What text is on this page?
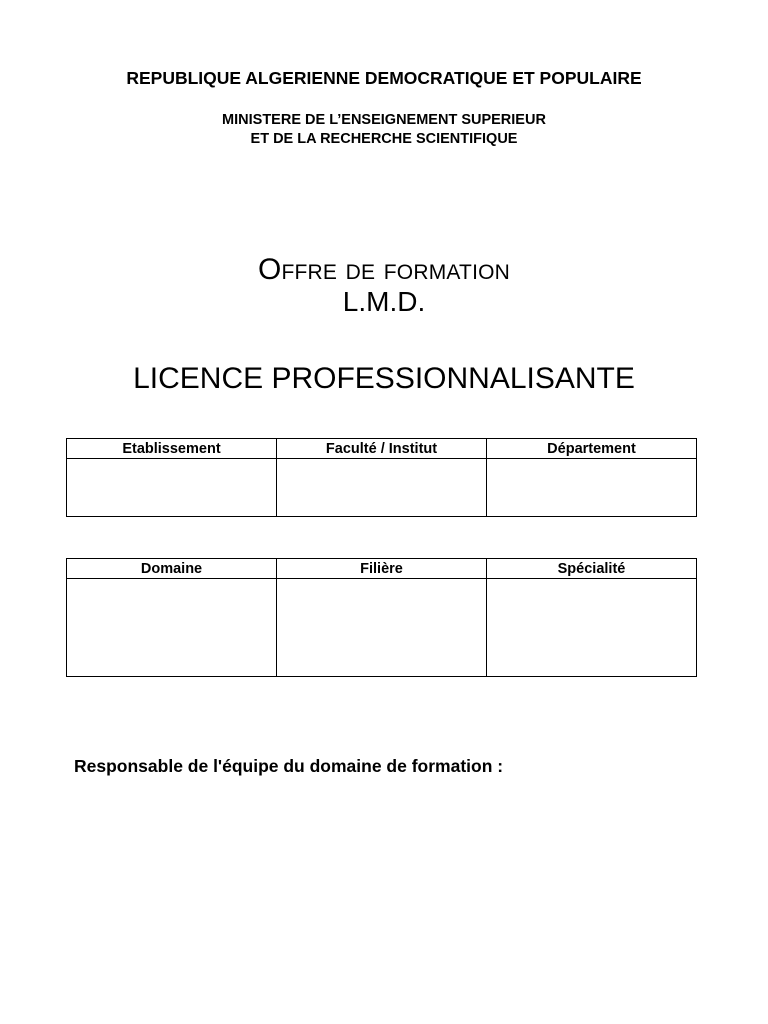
REPUBLIQUE ALGERIENNE DEMOCRATIQUE ET POPULAIRE
MINISTERE DE L’ENSEIGNEMENT SUPERIEUR
ET DE LA RECHERCHE SCIENTIFIQUE
Offre de formation
L.M.D.
LICENCE PROFESSIONNALISANTE
Etablissement	Faculté / Institut	Département

Domaine	Filière	Spécialité

Responsable de l'équipe du domaine de formation :
